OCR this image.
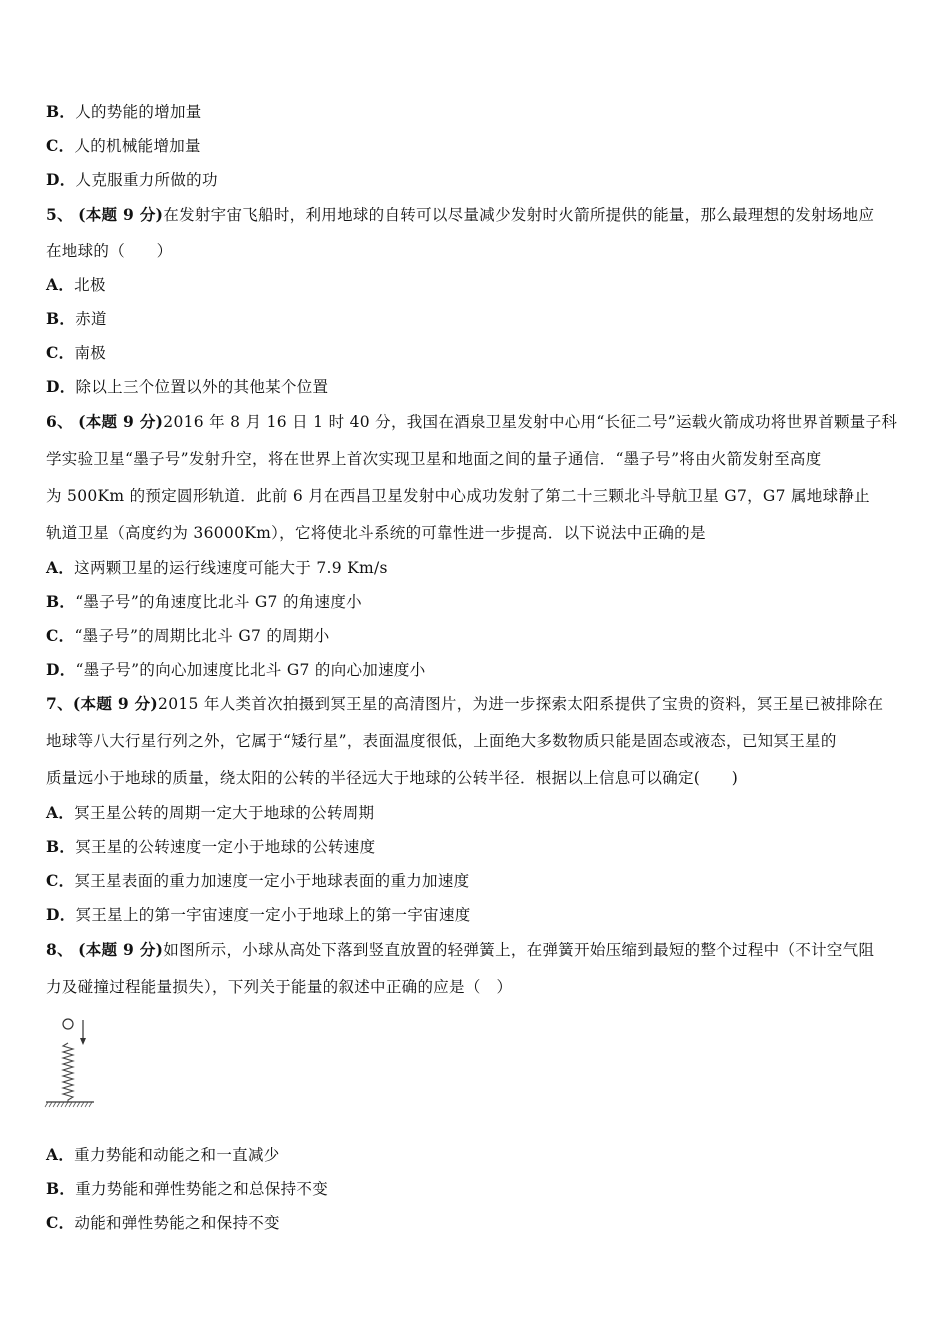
B．人的势能的增加量
C．人的机械能增加量
D．人克服重力所做的功
5、 (本题 9 分)在发射宇宙飞船时，利用地球的自转可以尽量减少发射时火箭所提供的能量，那么最理想的发射场地应
在地球的（　　）
A．北极
B．赤道
C．南极
D．除以上三个位置以外的其他某个位置
6、 (本题 9 分)2016 年 8 月 16 日 1 时 40 分，我国在酒泉卫星发射中心用“长征二号”运载火箭成功将世界首颗量子科
学实验卫星“墨子号”发射升空，将在世界上首次实现卫星和地面之间的量子通信．“墨子号”将由火箭发射至高度
为 500Km 的预定圆形轨道．此前 6 月在西昌卫星发射中心成功发射了第二十三颗北斗导航卫星 G7，G7 属地球静止
轨道卫星（高度约为 36000Km），它将使北斗系统的可靠性进一步提高．以下说法中正确的是
A．这两颗卫星的运行线速度可能大于 7.9 Km/s
B．“墨子号”的角速度比北斗 G7 的角速度小
C．“墨子号”的周期比北斗 G7 的周期小
D．“墨子号”的向心加速度比北斗 G7 的向心加速度小
7、(本题 9 分)2015 年人类首次拍摄到冥王星的高清图片，为进一步探索太阳系提供了宝贵的资料，冥王星已被排除在
地球等八大行星行列之外，它属于“矮行星”，表面温度很低，上面绝大多数物质只能是固态或液态，已知冥王星的
质量远小于地球的质量，绕太阳的公转的半径远大于地球的公转半径．根据以上信息可以确定(　　)
A．冥王星公转的周期一定大于地球的公转周期
B．冥王星的公转速度一定小于地球的公转速度
C．冥王星表面的重力加速度一定小于地球表面的重力加速度
D．冥王星上的第一宇宙速度一定小于地球上的第一宇宙速度
8、 (本题 9 分)如图所示，小球从高处下落到竖直放置的轻弹簧上，在弹簧开始压缩到最短的整个过程中（不计空气阻
力及碰撞过程能量损失），下列关于能量的叙述中正确的应是（　）
A．重力势能和动能之和一直减少
B．重力势能和弹性势能之和总保持不变
C．动能和弹性势能之和保持不变
